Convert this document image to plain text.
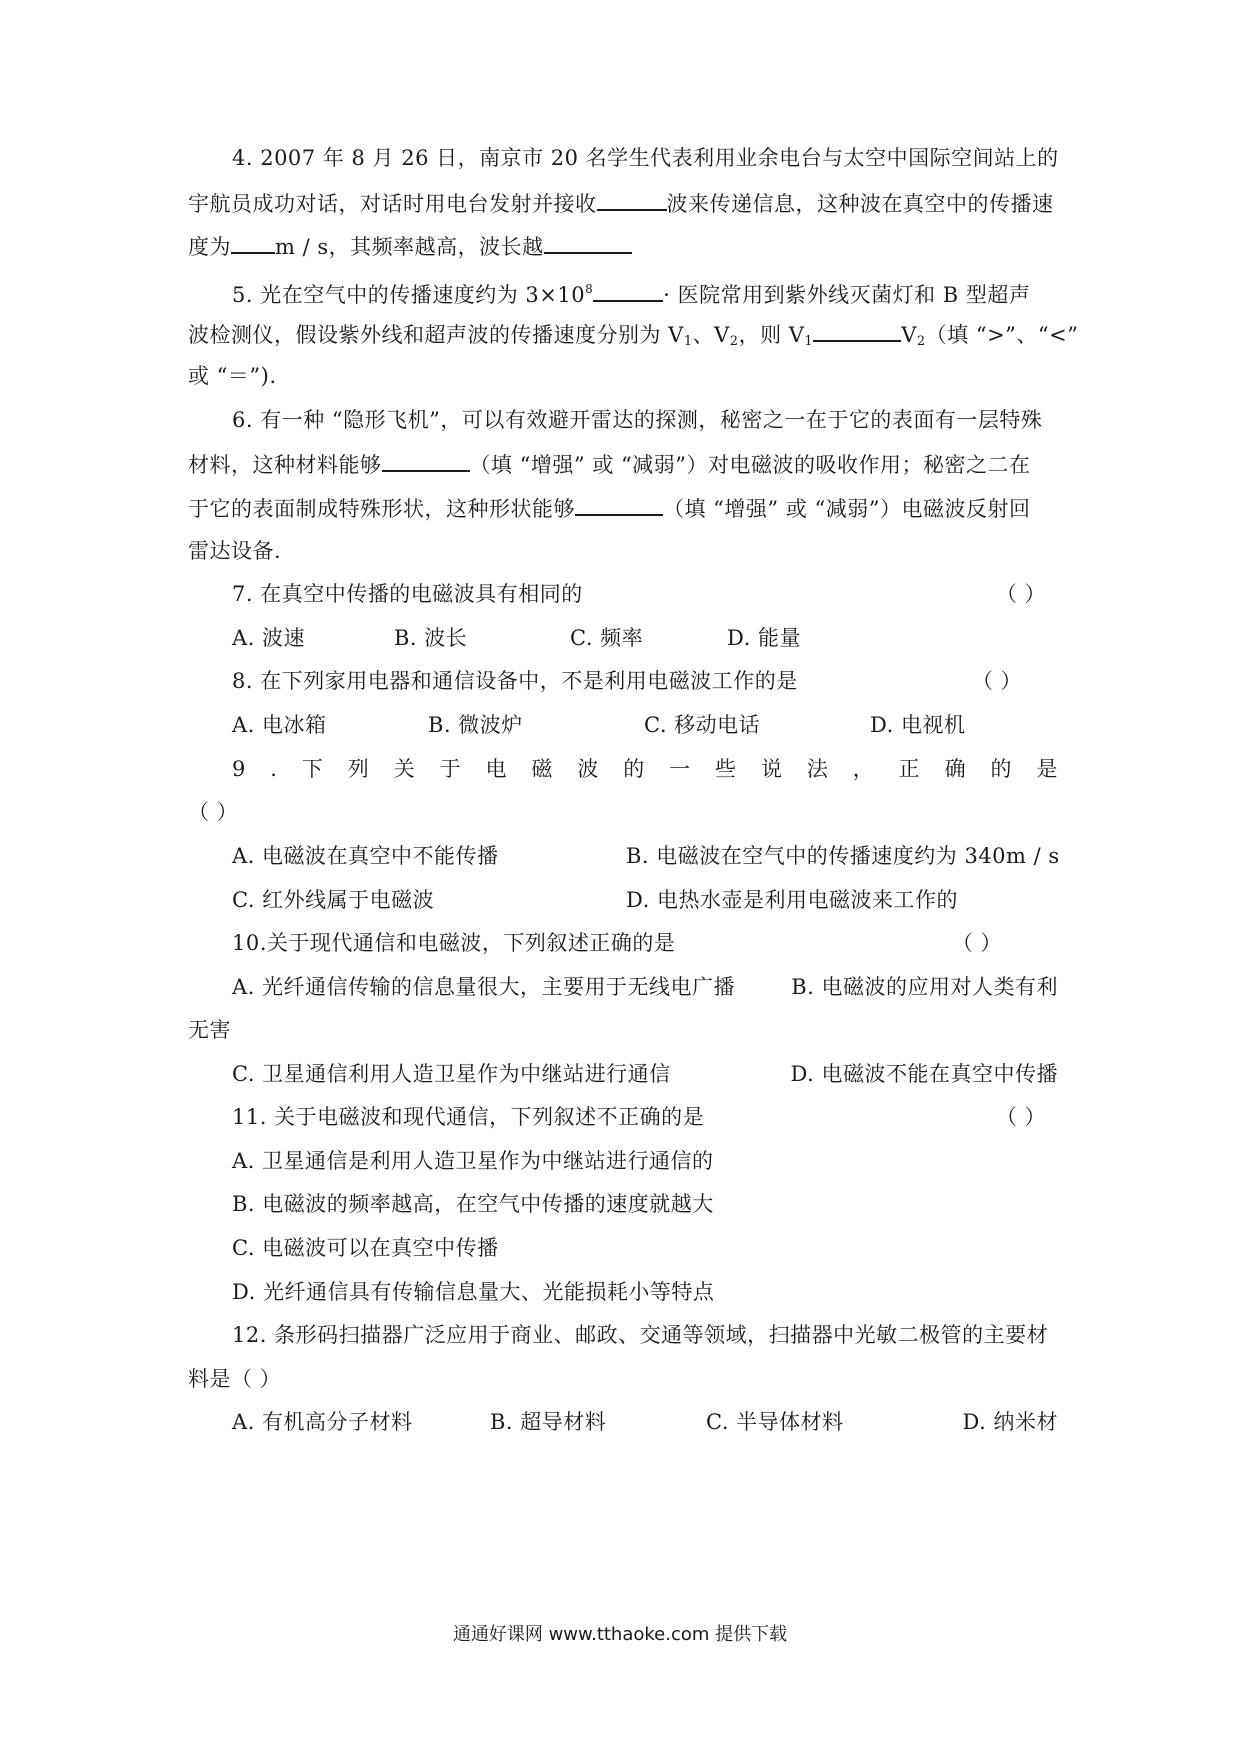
4. 2007 年 8 月 26 日，南京市 20 名学生代表利用业余电台与太空中国际空间站上的
宇航员成功对话，对话时用电台发射并接收	波来传递信息，这种波在真空中的传播速
度为 m / s，其频率越高，波长越
5. 光在空气中的传播速度约为 $3\times 10^8$	· 医院常用到紫外线灭菌灯和 B 型超声
波检测仪，假设紫外线和超声波的传播速度分别为 $V_1$、$V_2$，则 $V_1$	$V_2$（填 “>”、“<”
或 “＝”).
6. 有一种 “隐形飞机”，可以有效避开雷达的探测，秘密之一在于它的表面有一层特殊
材料，这种材料能够	（填 “增强” 或 “减弱”）对电磁波的吸收作用；秘密之二在
于它的表面制成特殊形状，这种形状能够	（填 “增强” 或 “减弱”）电磁波反射回
雷达设备.
7. 在真空中传播的电磁波具有相同的	（ ）
A. 波速	B. 波长	C. 频率	D. 能量
8. 在下列家用电器和通信设备中，不是利用电磁波工作的是	（ ）
A. 电冰箱	B. 微波炉	C. 移动电话	D. 电视机
9 . 下 列 关 于 电 磁 波 的 一 些 说 法 ， 正 确 的 是
（ ）
A. 电磁波在真空中不能传播	B. 电磁波在空气中的传播速度约为 340m / s
C. 红外线属于电磁波	D. 电热水壶是利用电磁波来工作的
10.关于现代通信和电磁波，下列叙述正确的是	（ ）
A. 光纤通信传输的信息量很大，主要用于无线电广播	B. 电磁波的应用对人类有利
无害
C. 卫星通信利用人造卫星作为中继站进行通信	D. 电磁波不能在真空中传播
11. 关于电磁波和现代通信，下列叙述不正确的是	（ ）
A. 卫星通信是利用人造卫星作为中继站进行通信的
B. 电磁波的频率越高，在空气中传播的速度就越大
C. 电磁波可以在真空中传播
D. 光纤通信具有传输信息量大、光能损耗小等特点
12. 条形码扫描器广泛应用于商业、邮政、交通等领域，扫描器中光敏二极管的主要材
料是（ ）
A. 有机高分子材料	B. 超导材料	C. 半导体材料	D. 纳米材
通通好课网 www.tthaoke.com 提供下载
